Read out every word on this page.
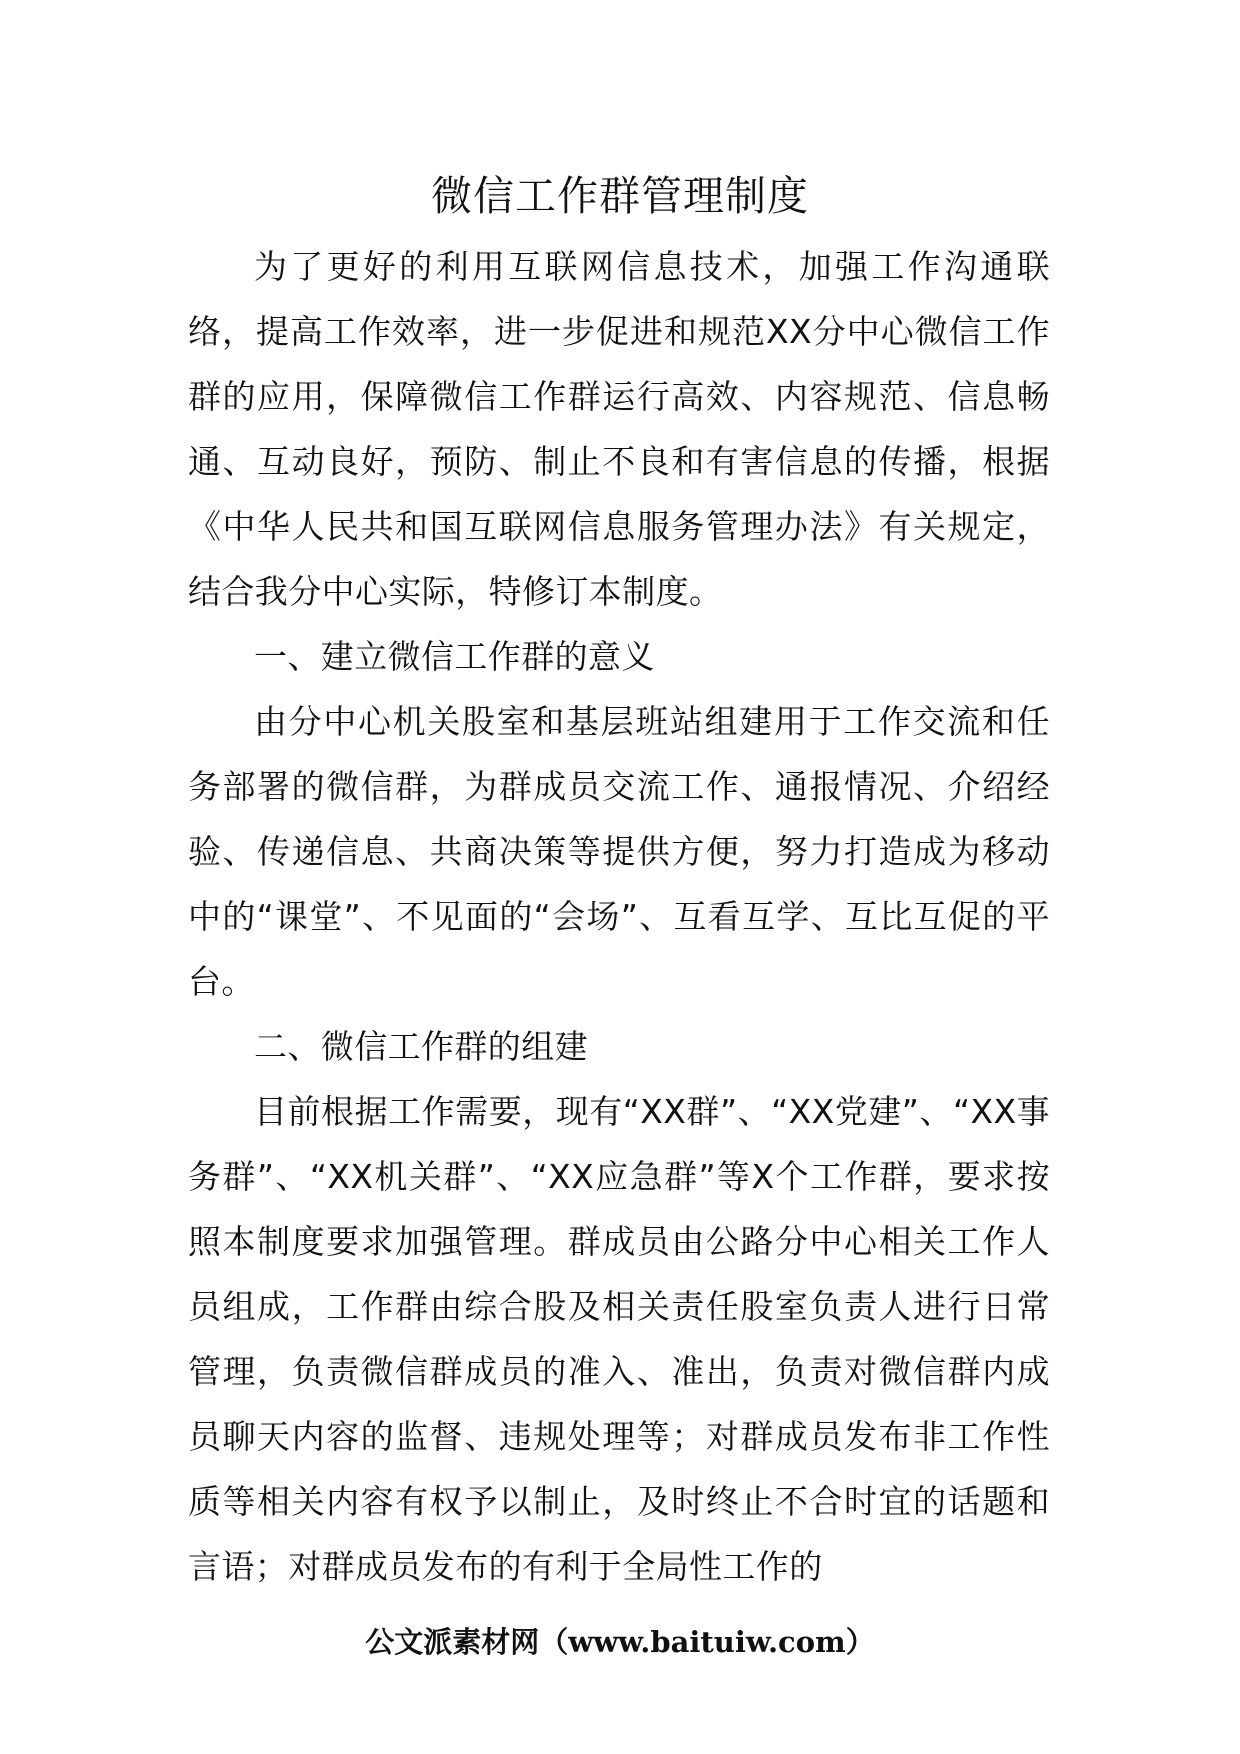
微信工作群管理制度

为了更好的利用互联网信息技术，加强工作沟通联络，提高工作效率，进一步促进和规范XX分中心微信工作群的应用，保障微信工作群运行高效、内容规范、信息畅通、互动良好，预防、制止不良和有害信息的传播，根据《中华人民共和国互联网信息服务管理办法》有关规定，结合我分中心实际，特修订本制度。

一、建立微信工作群的意义

由分中心机关股室和基层班站组建用于工作交流和任务部署的微信群，为群成员交流工作、通报情况、介绍经验、传递信息、共商决策等提供方便，努力打造成为移动中的“课堂”、不见面的“会场”、互看互学、互比互促的平台。

二、微信工作群的组建

目前根据工作需要，现有“XX群”、“XX党建”、“XX事务群”、“XX机关群”、“XX应急群”等X个工作群，要求按照本制度要求加强管理。群成员由公路分中心相关工作人员组成，工作群由综合股及相关责任股室负责人进行日常管理，负责微信群成员的准入、准出，负责对微信群内成员聊天内容的监督、违规处理等；对群成员发布非工作性质等相关内容有权予以制止，及时终止不合时宜的话题和言语；对群成员发布的有利于全局性工作的

公文派素材网（www.baituiw.com）
